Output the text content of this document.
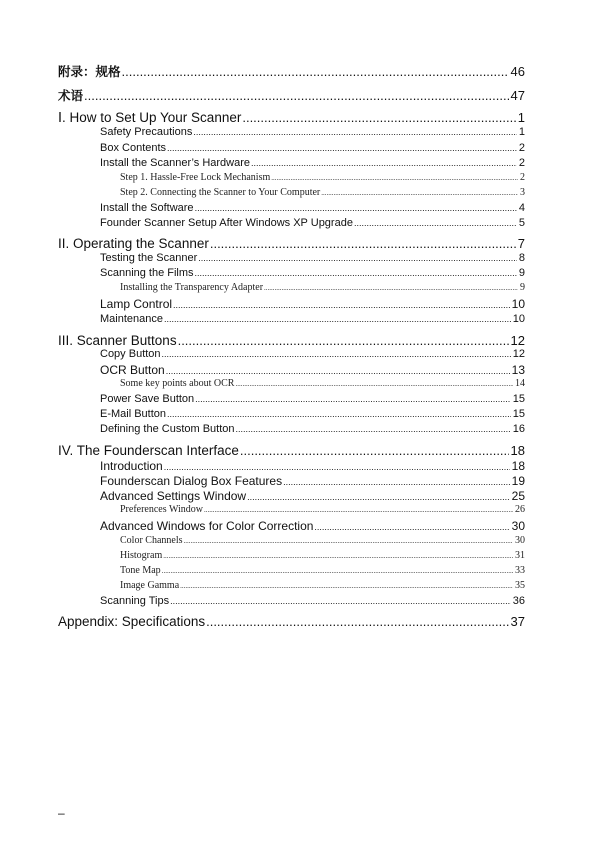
附录：规格 .....	46
术语 .....	47
Ⅰ. How to Set Up Your Scanner .....	1
Safety Precautions .....	1
Box Contents .....	2
Install the Scanner’s Hardware .....	2
Step 1. Hassle-Free Lock Mechanism .....	2
Step 2. Connecting the Scanner to Your Computer .....	3
Install the Software .....	4
Founder Scanner Setup After Windows XP Upgrade .....	5
II. Operating the Scanner .....	7
Testing the Scanner .....	8
Scanning the Films .....	9
Installing the Transparency Adapter .....	9
Lamp Control .....	10
Maintenance .....	10
III. Scanner Buttons .....	12
Copy Button .....	12
OCR Button .....	13
Some key points about OCR .....	14
Power Save Button .....	15
E-Mail Button .....	15
Defining the Custom Button .....	16
IV. The Founderscan Interface .....	18
Introduction .....	18
Founderscan Dialog Box Features .....	19
Advanced Settings Window .....	25
Preferences Window .....	26
Advanced Windows for Color Correction .....	30
Color Channels .....	30
Histogram .....	31
Tone Map .....	33
Image Gamma .....	35
Scanning Tips .....	36
Appendix: Specifications .....	37
–
